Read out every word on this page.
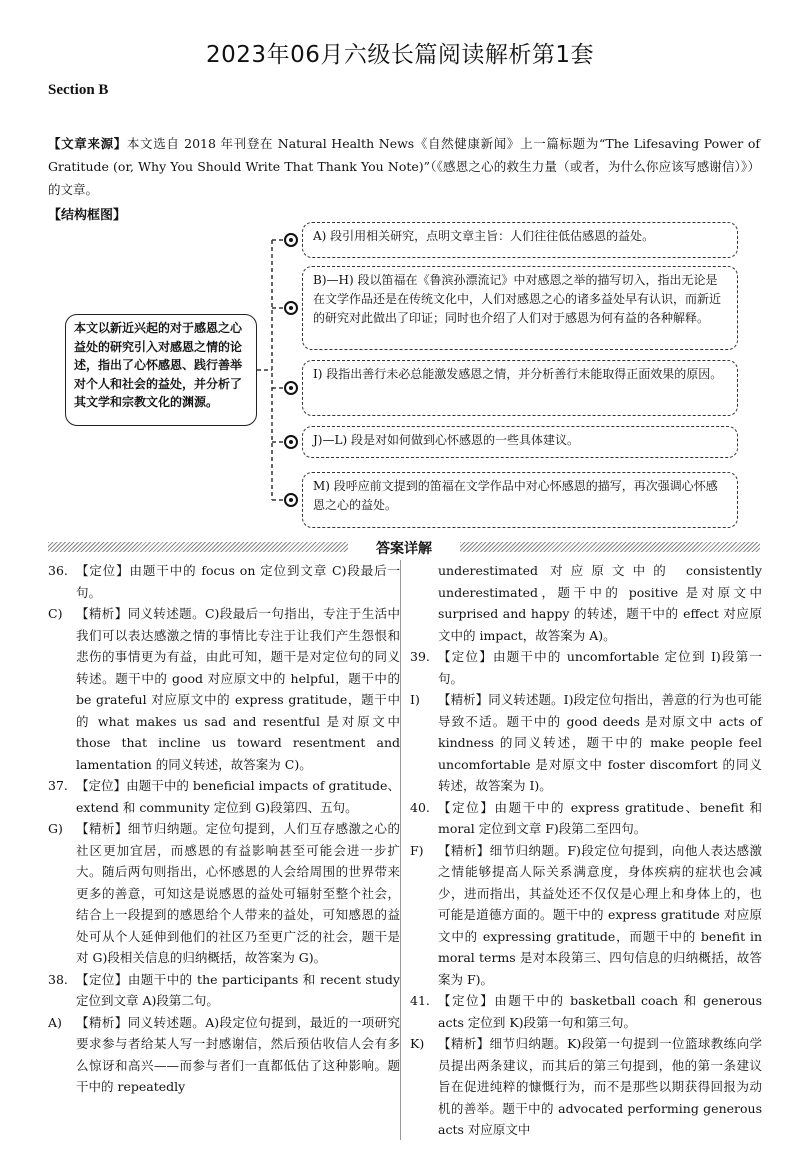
2023年06月六级长篇阅读解析第1套
Section B
【文章来源】本文选自 2018 年刊登在 Natural Health News《自然健康新闻》上一篇标题为“The Lifesaving Power of Gratitude (or, Why You Should Write That Thank You Note)”（《感恩之心的救生力量（或者，为什么你应该写感谢信）》）的文章。
【结构框图】
本文以新近兴起的对于感恩之心益处的研究引入对感恩之情的论述，指出了心怀感恩、践行善举对个人和社会的益处，并分析了其文学和宗教文化的渊源。
A) 段引用相关研究，点明文章主旨：人们往往低估感恩的益处。
B)—H) 段以笛福在《鲁滨孙漂流记》中对感恩之举的描写切入，指出无论是在文学作品还是在传统文化中，人们对感恩之心的诸多益处早有认识，而新近的研究对此做出了印证；同时也介绍了人们对于感恩为何有益的各种解释。
I) 段指出善行未必总能激发感恩之情，并分析善行未能取得正面效果的原因。
J)—L) 段是对如何做到心怀感恩的一些具体建议。
M) 段呼应前文提到的笛福在文学作品中对心怀感恩的描写，再次强调心怀感恩之心的益处。
答案详解

36. 【定位】由题干中的 focus on 定位到文章 C)段最后一句。

C)	【精析】同义转述题。C)段最后一句指出，专注于生活中我们可以表达感激之情的事情比专注于让我们产生怨恨和悲伤的事情更为有益，由此可知，题干是对定位句的同义转述。题干中的 good 对应原文中的 helpful，题干中的 be grateful 对应原文中的 express gratitude，题干中的 what makes us sad and resentful 是对原文中 those that incline us toward resentment and lamentation 的同义转述，故答案为 C)。

37. 【定位】由题干中的 beneficial impacts of gratitude、extend 和 community 定位到 G)段第四、五句。

G)	【精析】细节归纳题。定位句提到，人们互存感激之心的社区更加宜居，而感恩的有益影响甚至可能会进一步扩大。随后两句则指出，心怀感恩的人会给周围的世界带来更多的善意，可知这是说感恩的益处可辐射至整个社会，结合上一段提到的感恩给个人带来的益处，可知感恩的益处可从个人延伸到他们的社区乃至更广泛的社会，题干是对 G)段相关信息的归纳概括，故答案为 G)。

38. 【定位】由题干中的 the participants 和 recent study 定位到文章 A)段第二句。

A)	【精析】同义转述题。A)段定位句提到，最近的一项研究要求参与者给某人写一封感谢信，然后预估收信人会有多么惊讶和高兴——而参与者们一直都低估了这种影响。题干中的 repeatedly

underestimated 对应原文中的 consistently underestimated，题干中的 positive 是对原文中 surprised and happy 的转述，题干中的 effect 对应原文中的 impact，故答案为 A)。

39. 【定位】由题干中的 uncomfortable 定位到 I)段第一句。

I)	【精析】同义转述题。I)段定位句指出，善意的行为也可能导致不适。题干中的 good deeds 是对原文中 acts of kindness 的同义转述，题干中的 make people feel uncomfortable 是对原文中 foster discomfort 的同义转述，故答案为 I)。

40. 【定位】由题干中的 express gratitude、benefit 和 moral 定位到文章 F)段第二至四句。

F)	【精析】细节归纳题。F)段定位句提到，向他人表达感激之情能够提高人际关系满意度，身体疾病的症状也会减少，进而指出，其益处还不仅仅是心理上和身体上的，也可能是道德方面的。题干中的 express gratitude 对应原文中的 expressing gratitude，而题干中的 benefit in moral terms 是对本段第三、四句信息的归纳概括，故答案为 F)。

41. 【定位】由题干中的 basketball coach 和 generous acts 定位到 K)段第一句和第三句。

K)	【精析】细节归纳题。K)段第一句提到一位篮球教练向学员提出两条建议，而其后的第三句提到，他的第一条建议旨在促进纯粹的慷慨行为，而不是那些以期获得回报为动机的善举。题干中的 advocated performing generous acts 对应原文中
